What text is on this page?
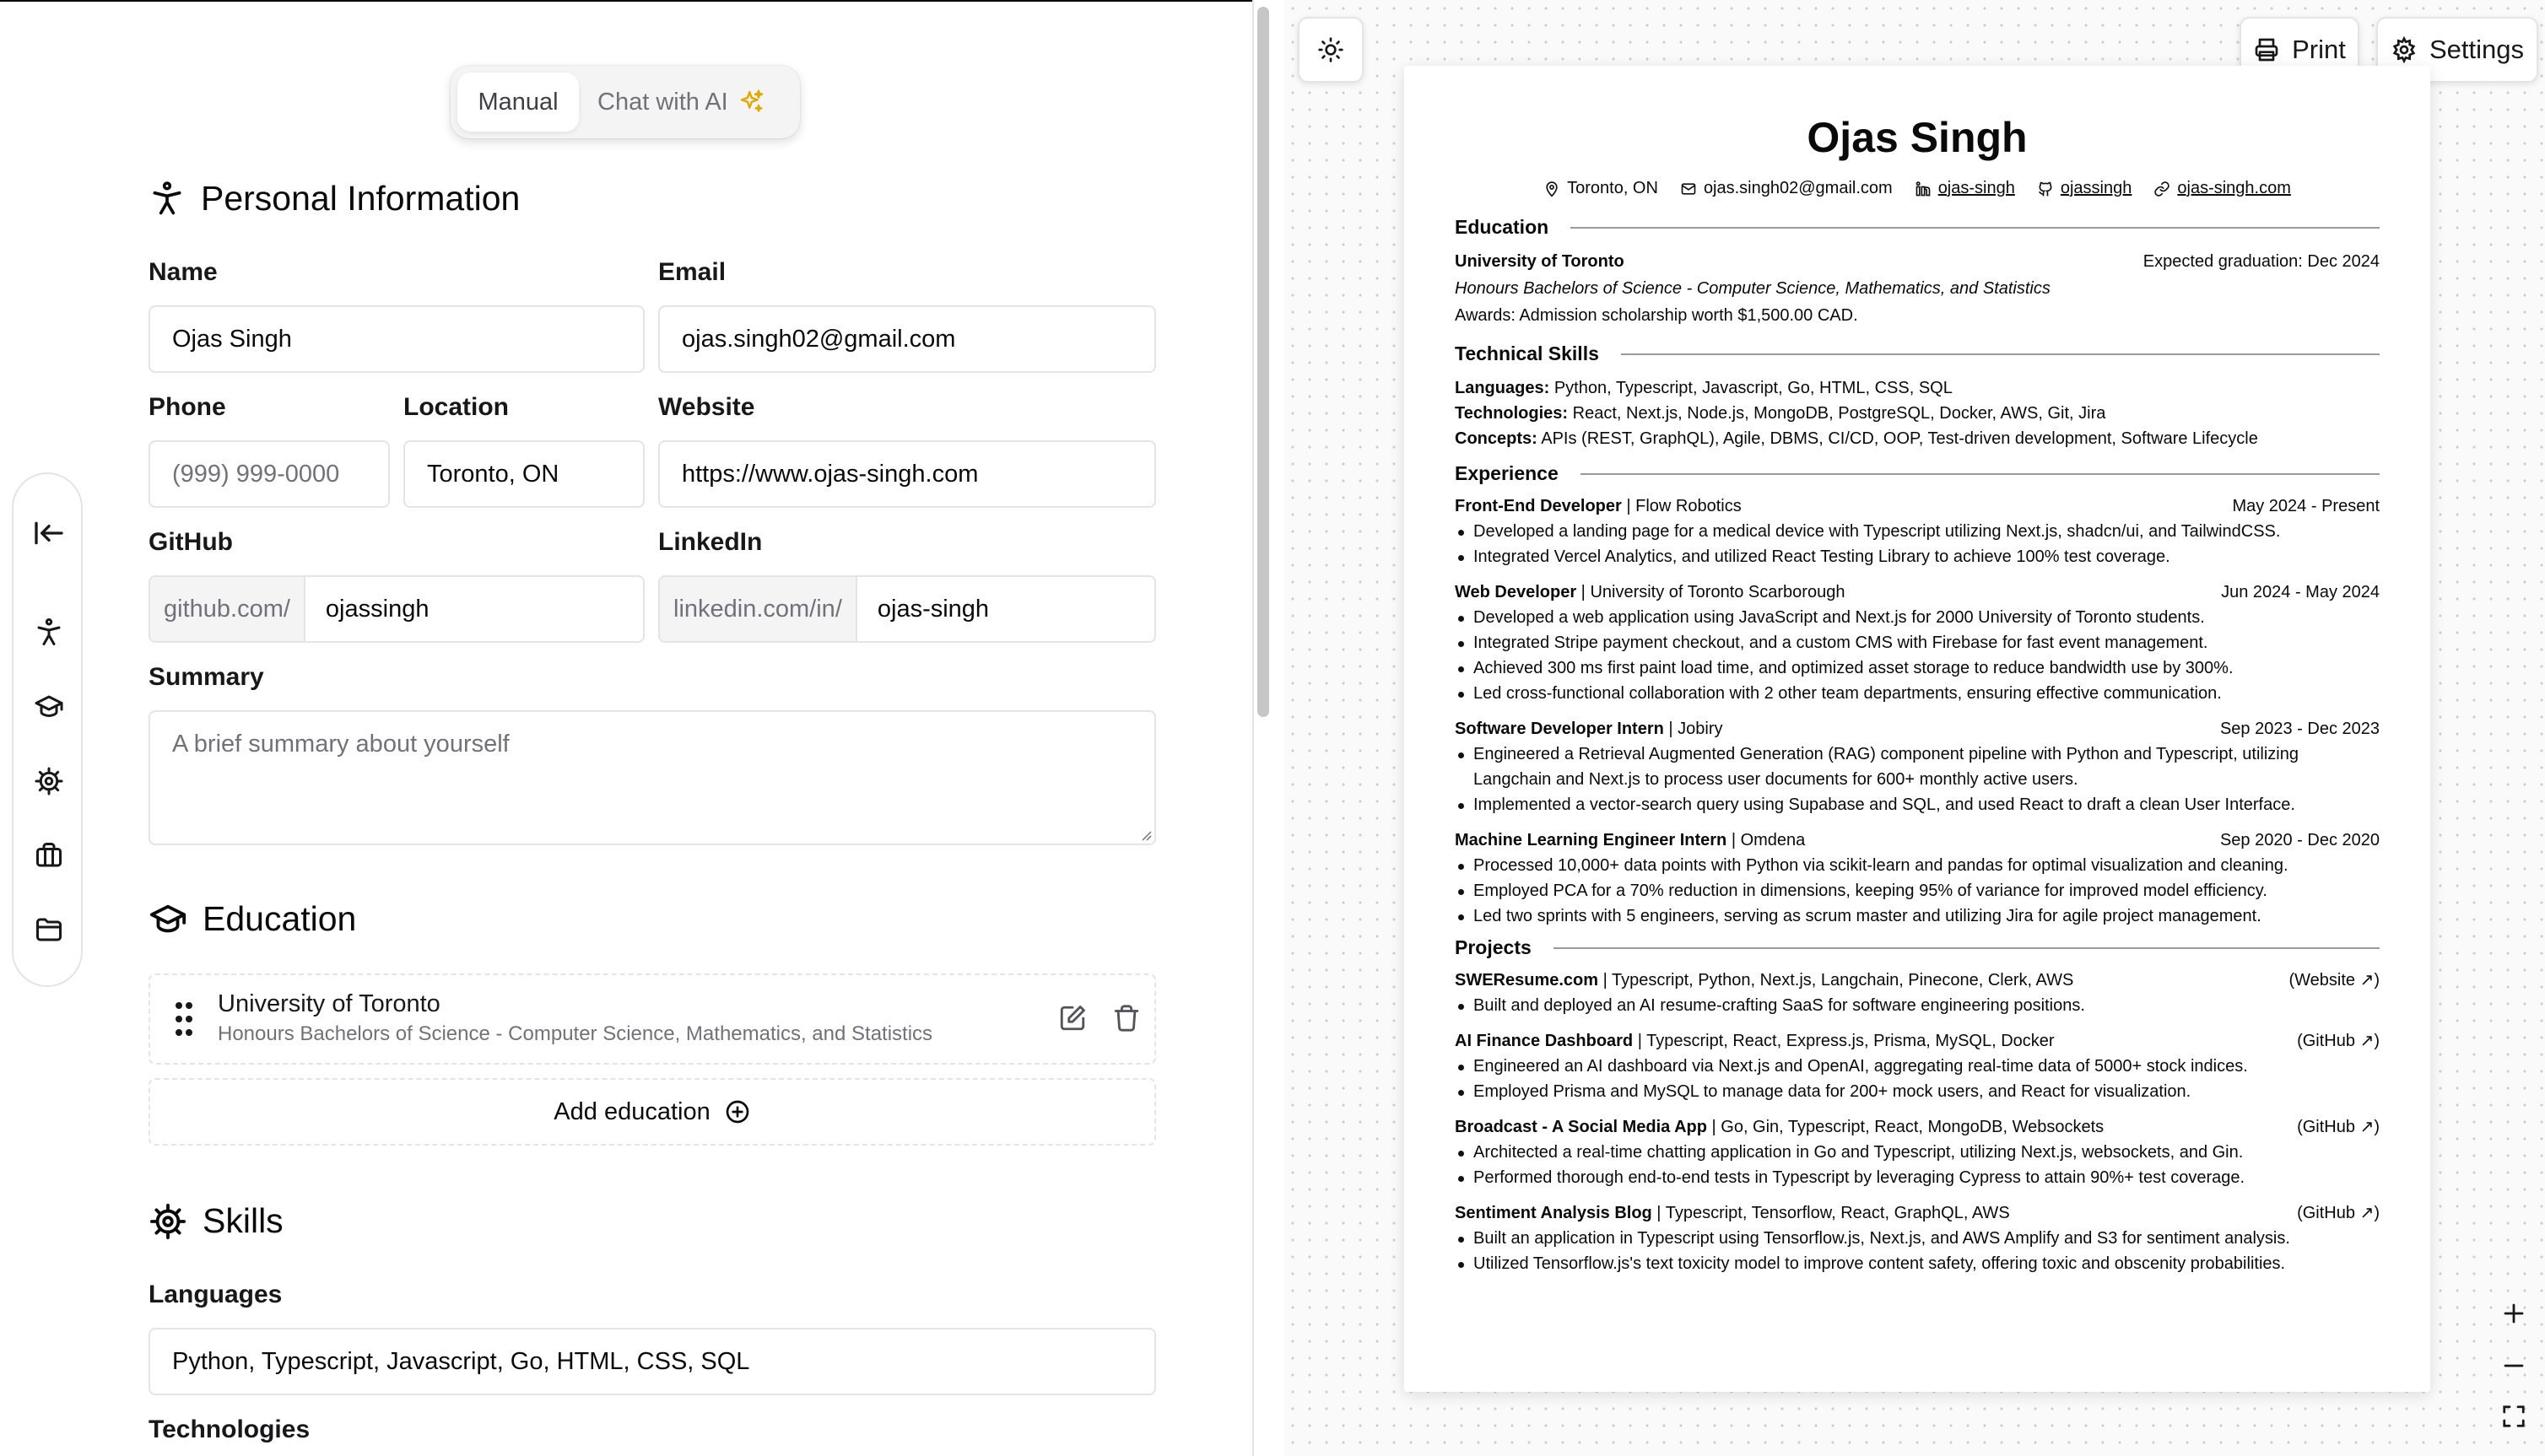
Manual Chat with AI
Personal Information
Name
Ojas Singh
Email
ojas.singh02@gmail.com
Phone
(999) 999-0000
Location
Toronto, ON
Website
https://www.ojas-singh.com
GitHub
github.com/	ojassingh
LinkedIn
linkedin.com/in/	ojas-singh
Summary
A brief summary about yourself
Education
University of Toronto
Honours Bachelors of Science - Computer Science, Mathematics, and Statistics
Add education
Skills
Languages
Python, Typescript, Javascript, Go, HTML, CSS, SQL
Technologies
Print	Settings
Ojas Singh
Toronto, ON	ojas.singh02@gmail.com	ojas-singh	ojassingh	ojas-singh.com
Education
University of Toronto	Expected graduation: Dec 2024
Honours Bachelors of Science - Computer Science, Mathematics, and Statistics
Awards: Admission scholarship worth $1,500.00 CAD.
Technical Skills
Languages: Python, Typescript, Javascript, Go, HTML, CSS, SQL
Technologies: React, Next.js, Node.js, MongoDB, PostgreSQL, Docker, AWS, Git, Jira
Concepts: APIs (REST, GraphQL), Agile, DBMS, CI/CD, OOP, Test-driven development, Software Lifecycle
Experience
Front-End Developer | Flow Robotics	May 2024 - Present
Developed a landing page for a medical device with Typescript utilizing Next.js, shadcn/ui, and TailwindCSS.
Integrated Vercel Analytics, and utilized React Testing Library to achieve 100% test coverage.
Web Developer | University of Toronto Scarborough	Jun 2024 - May 2024
Developed a web application using JavaScript and Next.js for 2000 University of Toronto students.
Integrated Stripe payment checkout, and a custom CMS with Firebase for fast event management.
Achieved 300 ms first paint load time, and optimized asset storage to reduce bandwidth use by 300%.
Led cross-functional collaboration with 2 other team departments, ensuring effective communication.
Software Developer Intern | Jobiry	Sep 2023 - Dec 2023
Engineered a Retrieval Augmented Generation (RAG) component pipeline with Python and Typescript, utilizing
Langchain and Next.js to process user documents for 600+ monthly active users.
Implemented a vector-search query using Supabase and SQL, and used React to draft a clean User Interface.
Machine Learning Engineer Intern | Omdena	Sep 2020 - Dec 2020
Processed 10,000+ data points with Python via scikit-learn and pandas for optimal visualization and cleaning.
Employed PCA for a 70% reduction in dimensions, keeping 95% of variance for improved model efficiency.
Led two sprints with 5 engineers, serving as scrum master and utilizing Jira for agile project management.
Projects
SWEResume.com | Typescript, Python, Next.js, Langchain, Pinecone, Clerk, AWS	(Website ↗)
Built and deployed an AI resume-crafting SaaS for software engineering positions.
AI Finance Dashboard | Typescript, React, Express.js, Prisma, MySQL, Docker	(GitHub ↗)
Engineered an AI dashboard via Next.js and OpenAI, aggregating real-time data of 5000+ stock indices.
Employed Prisma and MySQL to manage data for 200+ mock users, and React for visualization.
Broadcast - A Social Media App | Go, Gin, Typescript, React, MongoDB, Websockets	(GitHub ↗)
Architected a real-time chatting application in Go and Typescript, utilizing Next.js, websockets, and Gin.
Performed thorough end-to-end tests in Typescript by leveraging Cypress to attain 90%+ test coverage.
Sentiment Analysis Blog | Typescript, Tensorflow, React, GraphQL, AWS	(GitHub ↗)
Built an application in Typescript using Tensorflow.js, Next.js, and AWS Amplify and S3 for sentiment analysis.
Utilized Tensorflow.js's text toxicity model to improve content safety, offering toxic and obscenity probabilities.
